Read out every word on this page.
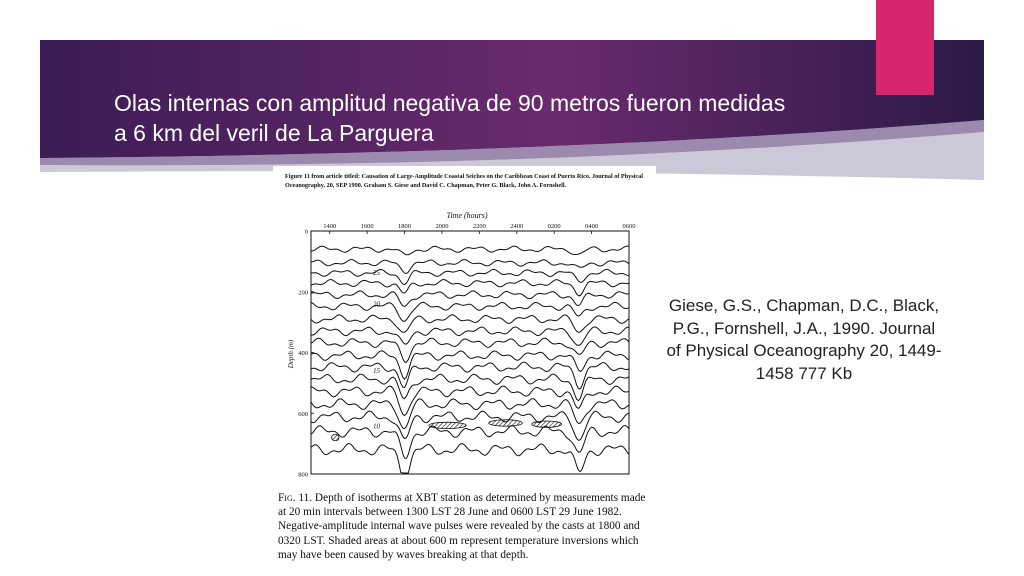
Olas internas con amplitud negativa de 90 metros fueron medidas a 6 km del veril de La Parguera
Figure 11 from article titled: Causation of Large-Amplitude Coastal Seiches on the Caribbean Coast of Puerto Rico. Journal of Physical Oceanography, 20, SEP 1990. Graham S. Giese and David C. Chapman, Peter G. Black, John A. Fornshell.
Time (hours)
1400	1600	1800	2000	2200	2400	0200	0400	0600
0
200
400
600
800
Depth (m)
25
20
15
10
Fig. 11. Depth of isotherms at XBT station as determined by measurements made at 20 min intervals between 1300 LST 28 June and 0600 LST 29 June 1982. Negative-amplitude internal wave pulses were revealed by the casts at 1800 and 0320 LST. Shaded areas at about 600 m represent temperature inversions which may have been caused by waves breaking at that depth.
Giese, G.S., Chapman, D.C., Black, P.G., Fornshell, J.A., 1990. Journal of Physical Oceanography 20, 1449-1458 777 Kb
